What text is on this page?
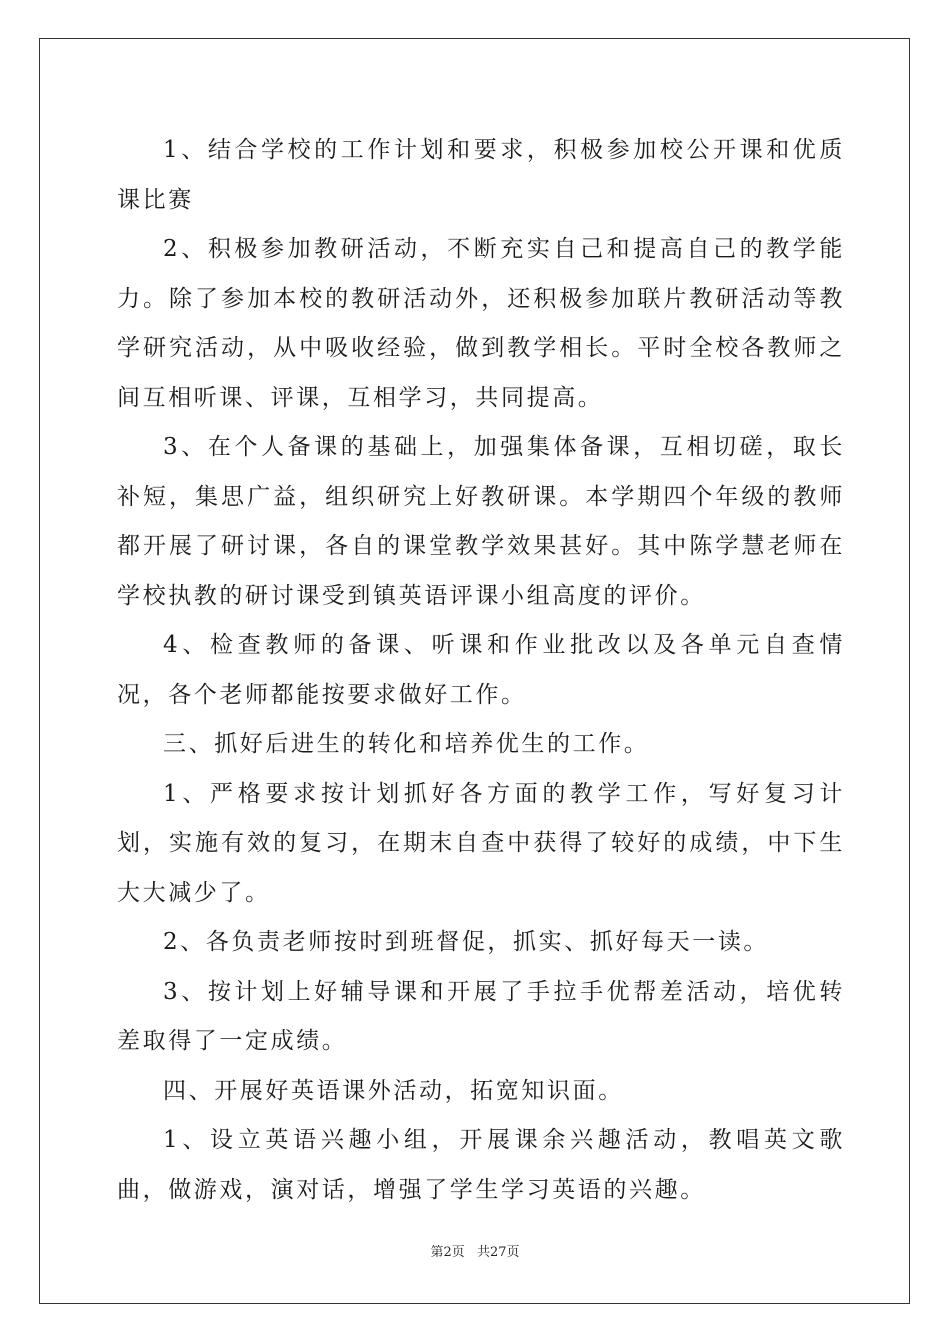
1、结合学校的工作计划和要求，积极参加校公开课和优质课比赛

2、积极参加教研活动，不断充实自己和提高自己的教学能力。除了参加本校的教研活动外，还积极参加联片教研活动等教学研究活动，从中吸收经验，做到教学相长。平时全校各教师之间互相听课、评课，互相学习，共同提高。

3、在个人备课的基础上，加强集体备课，互相切磋，取长补短，集思广益，组织研究上好教研课。本学期四个年级的教师都开展了研讨课，各自的课堂教学效果甚好。其中陈学慧老师在学校执教的研讨课受到镇英语评课小组高度的评价。

4、检查教师的备课、听课和作业批改以及各单元自查情况，各个老师都能按要求做好工作。

三、抓好后进生的转化和培养优生的工作。

1、严格要求按计划抓好各方面的教学工作，写好复习计划，实施有效的复习，在期末自查中获得了较好的成绩，中下生大大减少了。

2、各负责老师按时到班督促，抓实、抓好每天一读。

3、按计划上好辅导课和开展了手拉手优帮差活动，培优转差取得了一定成绩。

四、开展好英语课外活动，拓宽知识面。

1、设立英语兴趣小组，开展课余兴趣活动，教唱英文歌曲，做游戏，演对话，增强了学生学习英语的兴趣。

第2页 共27页
